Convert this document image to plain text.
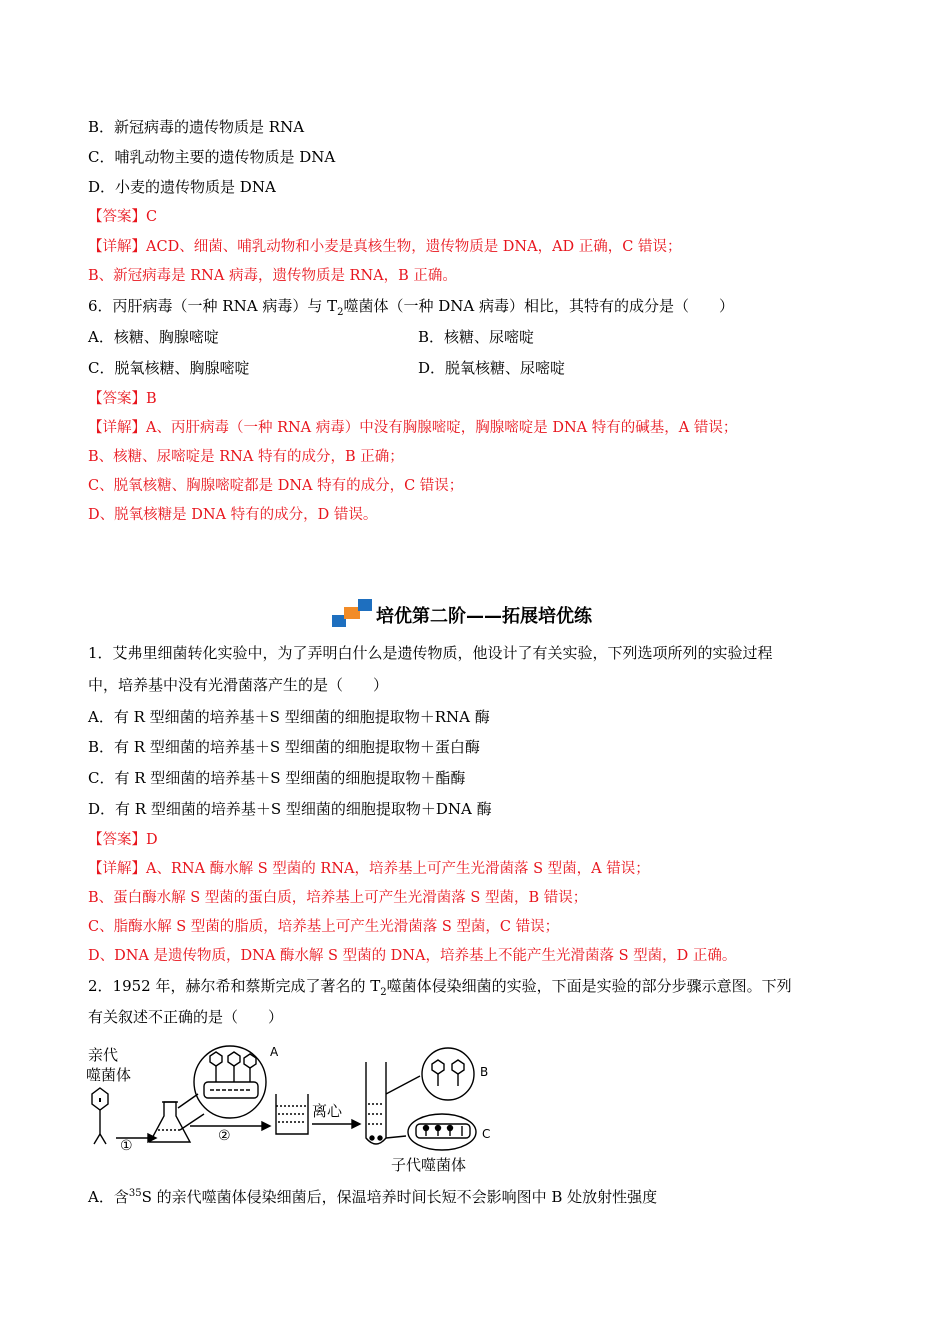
B．新冠病毒的遗传物质是 RNA
C．哺乳动物主要的遗传物质是 DNA
D．小麦的遗传物质是 DNA
【答案】C
【详解】ACD、细菌、哺乳动物和小麦是真核生物，遗传物质是 DNA，AD 正确，C 错误；
B、新冠病毒是 RNA 病毒，遗传物质是 RNA，B 正确。
6．丙肝病毒（一种 RNA 病毒）与 $T_2$噬菌体（一种 DNA 病毒）相比，其特有的成分是（　　）
A．核糖、胸腺嘧啶	B．核糖、尿嘧啶
C．脱氧核糖、胸腺嘧啶	D．脱氧核糖、尿嘧啶
【答案】B
【详解】A、丙肝病毒（一种 RNA 病毒）中没有胸腺嘧啶，胸腺嘧啶是 DNA 特有的碱基，A 错误；
B、核糖、尿嘧啶是 RNA 特有的成分，B 正确；
C、脱氧核糖、胸腺嘧啶都是 DNA 特有的成分，C 错误；
D、脱氧核糖是 DNA 特有的成分，D 错误。
培优第二阶——拓展培优练
1．艾弗里细菌转化实验中，为了弄明白什么是遗传物质，他设计了有关实验，下列选项所列的实验过程
中，培养基中没有光滑菌落产生的是（　　）
A．有 R 型细菌的培养基＋S 型细菌的细胞提取物＋RNA 酶
B．有 R 型细菌的培养基＋S 型细菌的细胞提取物＋蛋白酶
C．有 R 型细菌的培养基＋S 型细菌的细胞提取物＋酯酶
D．有 R 型细菌的培养基＋S 型细菌的细胞提取物＋DNA 酶
【答案】D
【详解】A、RNA 酶水解 S 型菌的 RNA，培养基上可产生光滑菌落 S 型菌，A 错误；
B、蛋白酶水解 S 型菌的蛋白质，培养基上可产生光滑菌落 S 型菌，B 错误；
C、脂酶水解 S 型菌的脂质，培养基上可产生光滑菌落 S 型菌，C 错误；
D、DNA 是遗传物质，DNA 酶水解 S 型菌的 DNA，培养基上不能产生光滑菌落 S 型菌，D 正确。
2．1952 年，赫尔希和蔡斯完成了著名的 $T_2$噬菌体侵染细菌的实验，下面是实验的部分步骤示意图。下列
有关叙述不正确的是（　　）
亲代
噬菌体
离心
子代噬菌体
A
B
C
①
②
A．含$^{35}$S 的亲代噬菌体侵染细菌后，保温培养时间长短不会影响图中 B 处放射性强度
